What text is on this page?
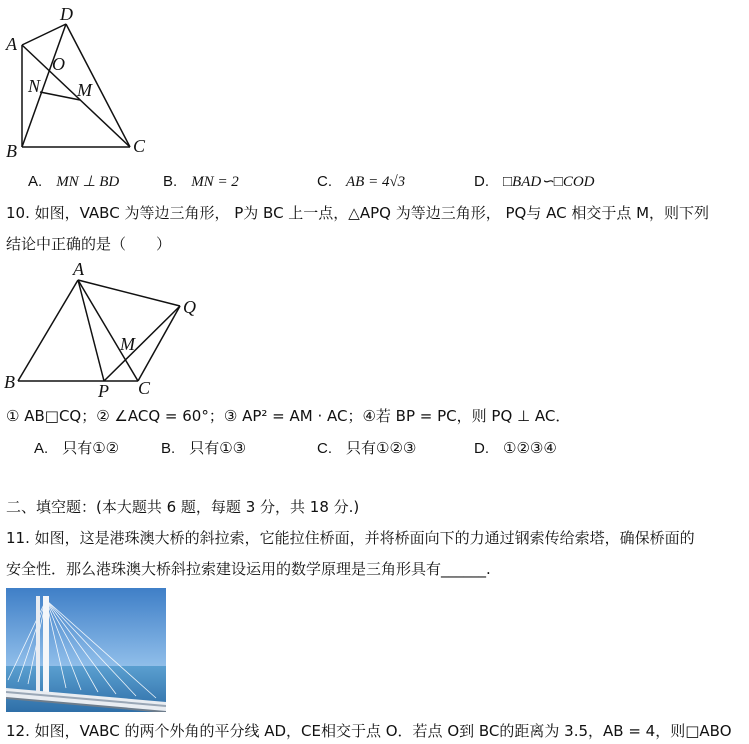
A
D
O
N M
B	C
A. MN ⊥ BD	B. MN = 2	C. AB = 4√3	D. □BAD∽□COD
10. 如图，VABC 为等边三角形， P为 BC 上一点，△APQ 为等边三角形， PQ与 AC 相交于点 M，则下列
结论中正确的是（　　）
A
Q
M
B	P C
① AB□CQ；② ∠ACQ = 60°；③ AP² = AM · AC；④若 BP = PC，则 PQ ⊥ AC．
A. 只有①②	B. 只有①③	C. 只有①②③	D. ①②③④
二、填空题：(本大题共 6 题，每题 3 分，共 18 分.)
11. 如图，这是港珠澳大桥的斜拉索，它能拉住桥面，并将桥面向下的力通过钢索传给索塔，确保桥面的
安全性．那么港珠澳大桥斜拉索建设运用的数学原理是三角形具有______.
12. 如图，VABC 的两个外角的平分线 AD，CE相交于点 O．若点 O到 BC的距离为 3.5，AB = 4，则□ABO
